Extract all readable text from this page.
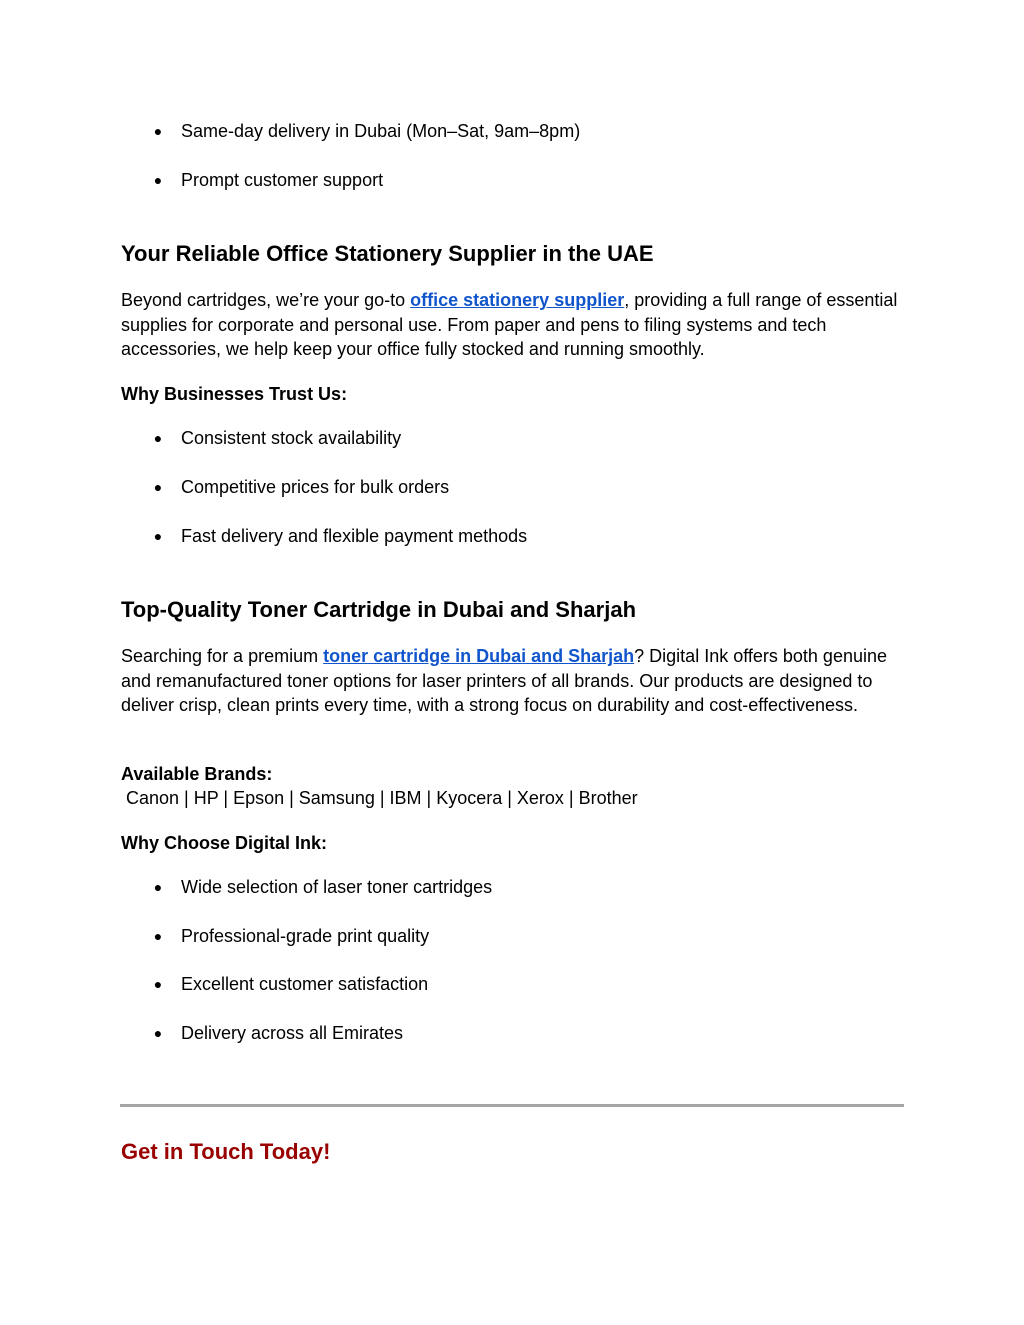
● Same-day delivery in Dubai (Mon–Sat, 9am–8pm)
● Prompt customer support
Your Reliable Office Stationery Supplier in the UAE

Beyond cartridges, we’re your go-to office stationery supplier, providing a full range of essential supplies for corporate and personal use. From paper and pens to filing systems and tech accessories, we help keep your office fully stocked and running smoothly.

Why Businesses Trust Us:
● Consistent stock availability
● Competitive prices for bulk orders
● Fast delivery and flexible payment methods
Top-Quality Toner Cartridge in Dubai and Sharjah

Searching for a premium toner cartridge in Dubai and Sharjah? Digital Ink offers both genuine and remanufactured toner options for laser printers of all brands. Our products are designed to deliver crisp, clean prints every time, with a strong focus on durability and cost-effectiveness.

Available Brands:
Canon | HP | Epson | Samsung | IBM | Kyocera | Xerox | Brother
Why Choose Digital Ink:
● Wide selection of laser toner cartridges
● Professional-grade print quality
● Excellent customer satisfaction
● Delivery across all Emirates
Get in Touch Today!
